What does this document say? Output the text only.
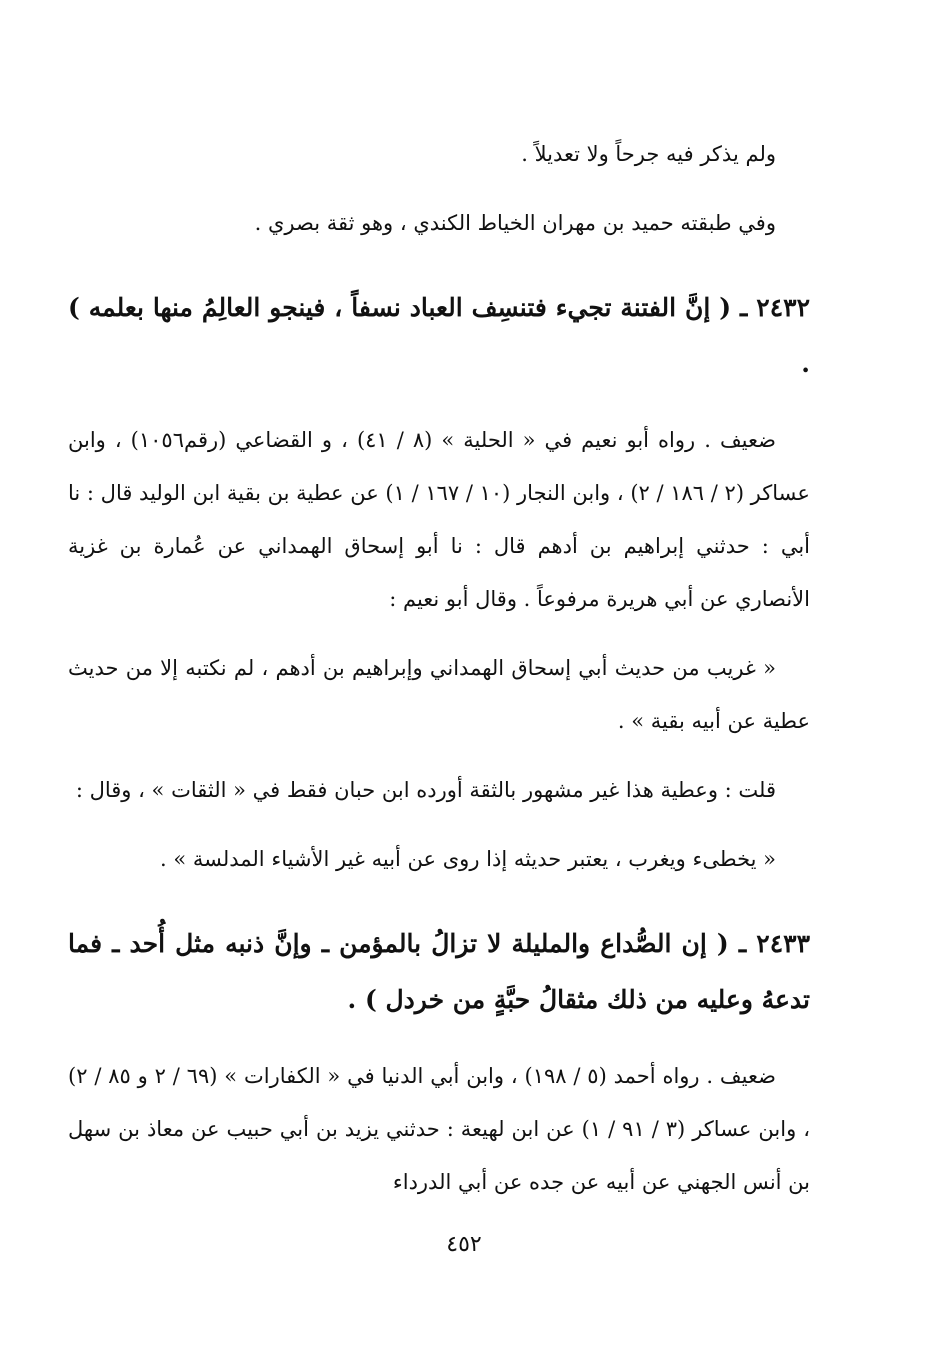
ولم يذكر فيه جرحاً ولا تعديلاً .

وفي طبقته حميد بن مهران الخياط الكندي ، وهو ثقة بصري .

٢٤٣٢ ـ ( إنَّ الفتنة تجيء فتنسِف العباد نسفاً ، فينجو العالِمُ منها بعلمه ) .

ضعيف . رواه أبو نعيم في « الحلية » (٨ / ٤١) ، و القضاعي (رقم١٠٥٦) ، وابن عساكر (٢ / ١٨٦ / ٢) ، وابن النجار (١٠ / ١٦٧ / ١) عن عطية بن بقية ابن الوليد قال : نا أبي : حدثني إبراهيم بن أدهم قال : نا أبو إسحاق الهمداني عن عُمارة بن غزية الأنصاري عن أبي هريرة مرفوعاً . وقال أبو نعيم :

« غريب من حديث أبي إسحاق الهمداني وإبراهيم بن أدهم ، لم نكتبه إلا من حديث عطية عن أبيه بقية » .

قلت : وعطية هذا غير مشهور بالثقة أورده ابن حبان فقط في « الثقات » ، وقال :

« يخطىء ويغرب ، يعتبر حديثه إذا روى عن أبيه غير الأشياء المدلسة » .

٢٤٣٣ ـ ( إن الصُّداع والمليلة لا تزالُ بالمؤمن ـ وإنَّ ذنبه مثل أُحد ـ فما تدعهُ وعليه من ذلك مثقالُ حبَّةٍ من خردل ) .

ضعيف . رواه أحمد (٥ / ١٩٨) ، وابن أبي الدنيا في « الكفارات » (٦٩ / ٢ و ٨٥ / ٢) ، وابن عساكر (٣ / ٩١ / ١) عن ابن لهيعة : حدثني يزيد بن أبي حبيب عن معاذ بن سهل بن أنس الجهني عن أبيه عن جده عن أبي الدرداء

٤٥٢
